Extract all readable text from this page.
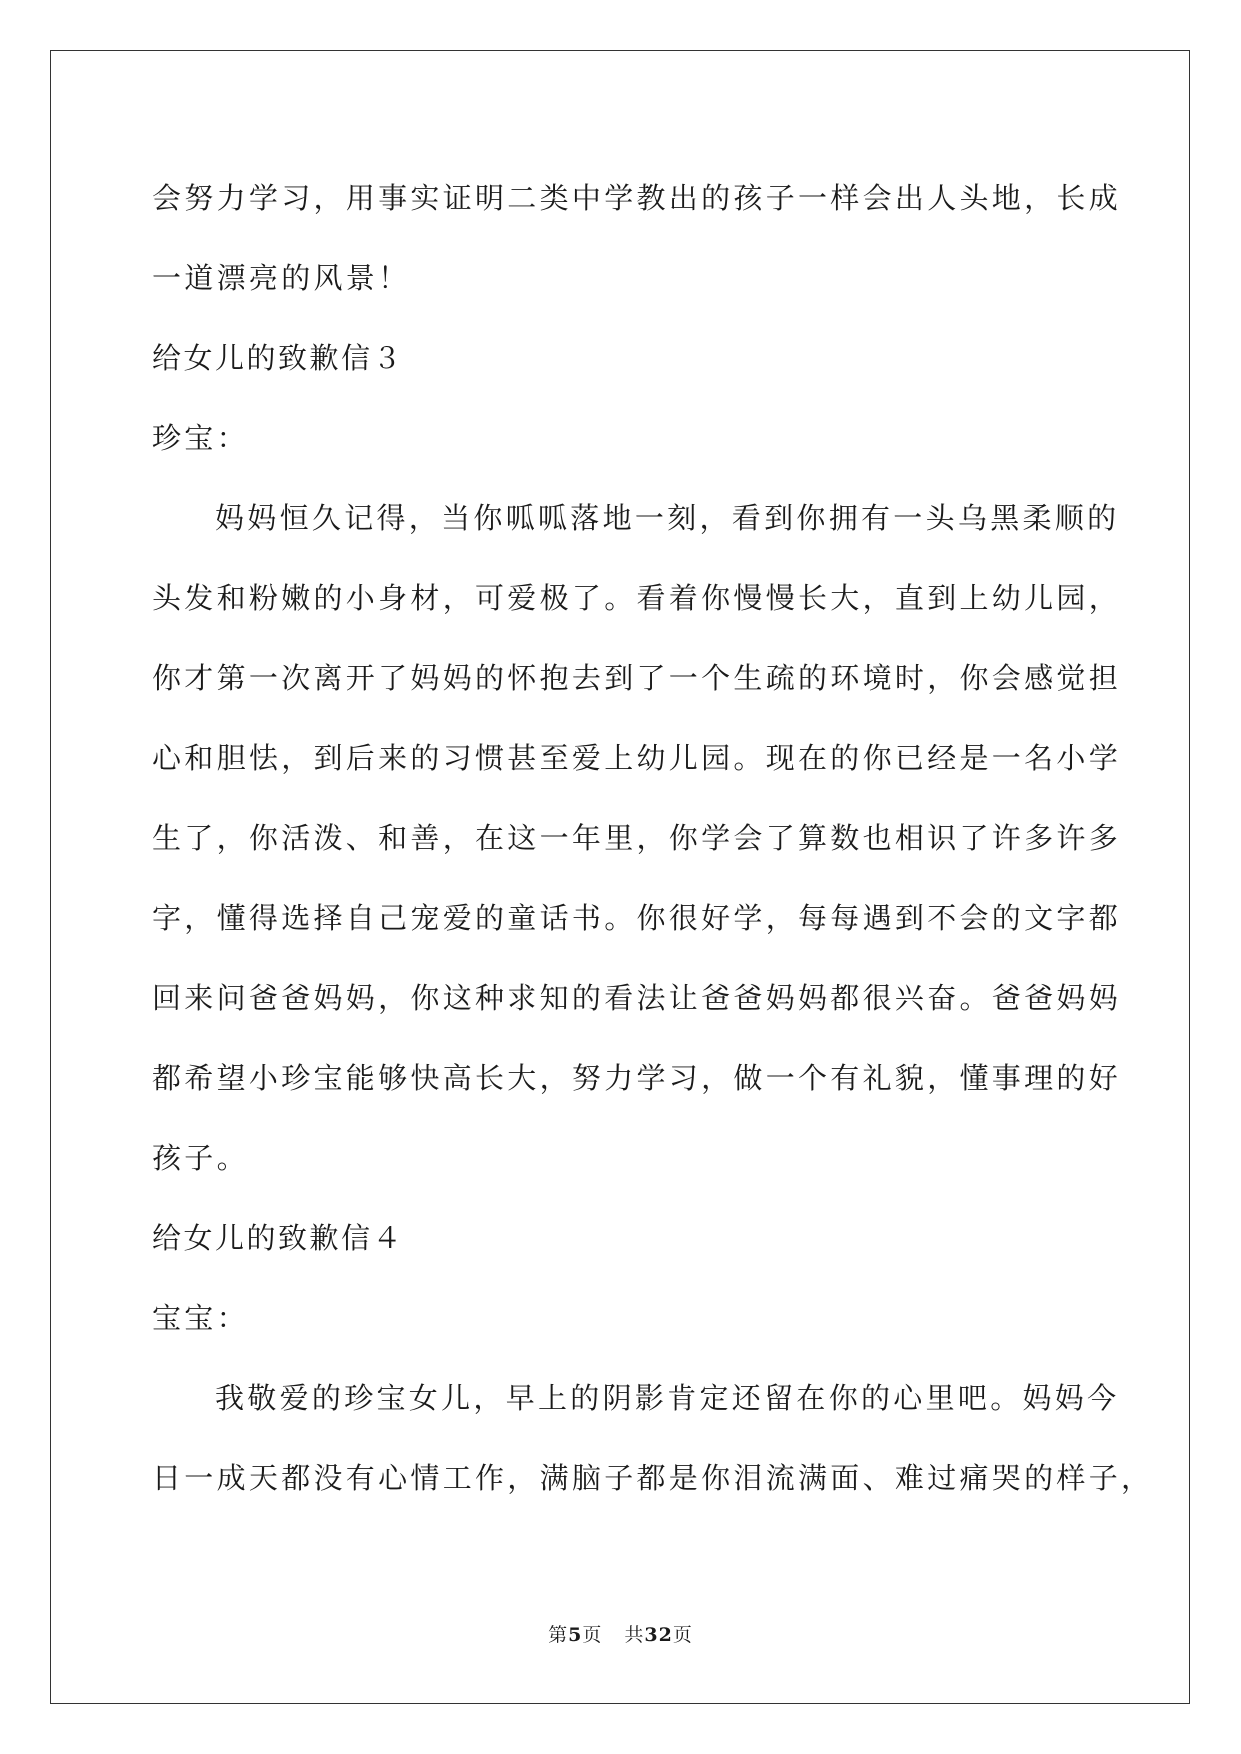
会努力学习，用事实证明二类中学教出的孩子一样会出人头地，长成
一道漂亮的风景！
给女儿的致歉信３
珍宝：
妈妈恒久记得，当你呱呱落地一刻，看到你拥有一头乌黑柔顺的
头发和粉嫩的小身材，可爱极了。看着你慢慢长大，直到上幼儿园，
你才第一次离开了妈妈的怀抱去到了一个生疏的环境时，你会感觉担
心和胆怯，到后来的习惯甚至爱上幼儿园。现在的你已经是一名小学
生了，你活泼、和善，在这一年里，你学会了算数也相识了许多许多
字，懂得选择自己宠爱的童话书。你很好学，每每遇到不会的文字都
回来问爸爸妈妈，你这种求知的看法让爸爸妈妈都很兴奋。爸爸妈妈
都希望小珍宝能够快高长大，努力学习，做一个有礼貌，懂事理的好
孩子。
给女儿的致歉信４
宝宝：
我敬爱的珍宝女儿，早上的阴影肯定还留在你的心里吧。妈妈今
日一成天都没有心情工作，满脑子都是你泪流满面、难过痛哭的样子，
第5页 共32页
